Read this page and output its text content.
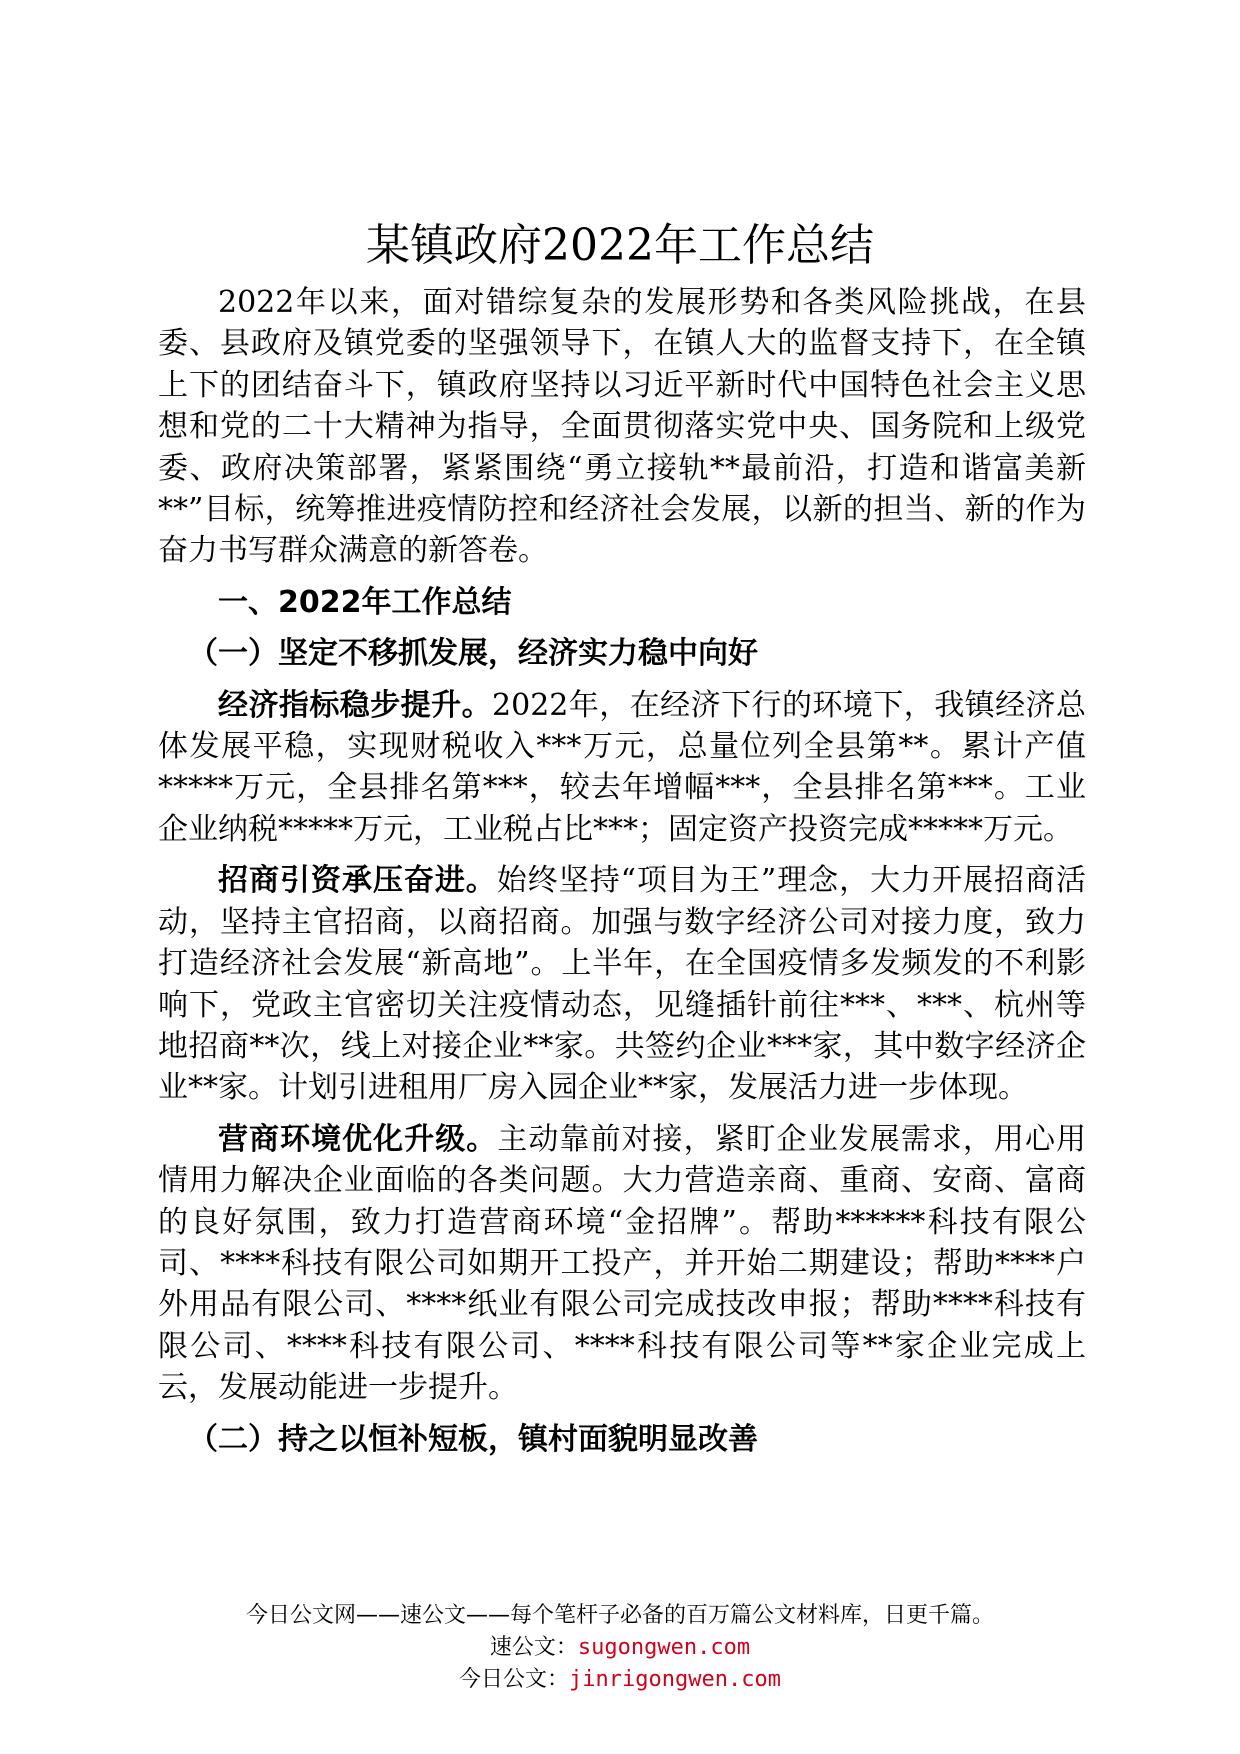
某镇政府2022年工作总结

2022年以来，面对错综复杂的发展形势和各类风险挑战，在县委、县政府及镇党委的坚强领导下，在镇人大的监督支持下，在全镇上下的团结奋斗下，镇政府坚持以习近平新时代中国特色社会主义思想和党的二十大精神为指导，全面贯彻落实党中央、国务院和上级党委、政府决策部署，紧紧围绕“勇立接轨**最前沿，打造和谐富美新**”目标，统筹推进疫情防控和经济社会发展，以新的担当、新的作为奋力书写群众满意的新答卷。

一、2022年工作总结

（一）坚定不移抓发展，经济实力稳中向好

经济指标稳步提升。2022年，在经济下行的环境下，我镇经济总体发展平稳，实现财税收入***万元，总量位列全县第**。累计产值*****万元，全县排名第***，较去年增幅***，全县排名第***。工业企业纳税*****万元，工业税占比***；固定资产投资完成*****万元。

招商引资承压奋进。始终坚持“项目为王”理念，大力开展招商活动，坚持主官招商，以商招商。加强与数字经济公司对接力度，致力打造经济社会发展“新高地”。上半年，在全国疫情多发频发的不利影响下，党政主官密切关注疫情动态，见缝插针前往***、***、杭州等地招商**次，线上对接企业**家。共签约企业***家，其中数字经济企业**家。计划引进租用厂房入园企业**家，发展活力进一步体现。

营商环境优化升级。主动靠前对接，紧盯企业发展需求，用心用情用力解决企业面临的各类问题。大力营造亲商、重商、安商、富商的良好氛围，致力打造营商环境“金招牌”。帮助******科技有限公司、****科技有限公司如期开工投产，并开始二期建设；帮助****户外用品有限公司、****纸业有限公司完成技改申报；帮助****科技有限公司、****科技有限公司、****科技有限公司等**家企业完成上云，发展动能进一步提升。

（二）持之以恒补短板，镇村面貌明显改善

今日公文网——速公文——每个笔杆子必备的百万篇公文材料库，日更千篇。
速公文：sugongwen.com
今日公文：jinrigongwen.com
